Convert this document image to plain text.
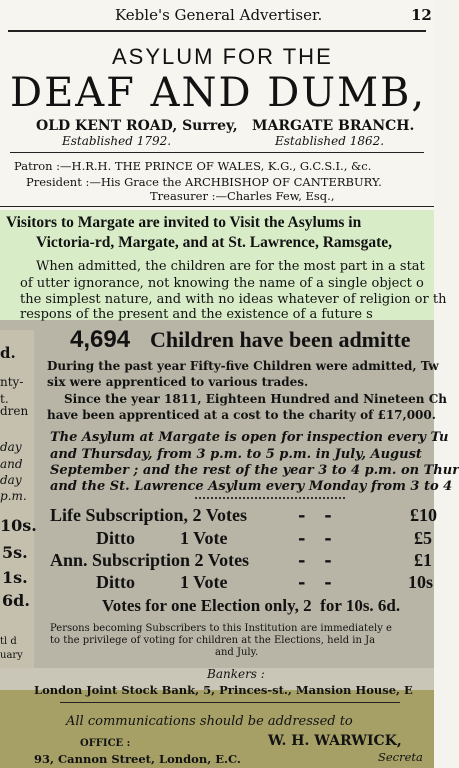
Keble's General Advertiser.	12
ASYLUM FOR THE
DEAF AND DUMB,
OLD KENT ROAD, Surrey,
Established 1792.
MARGATE BRANCH.
Established 1862.
Patron :—H.R.H. THE PRINCE OF WALES, K.G., G.C.S.I., &c.
President :—His Grace the ARCHBISHOP OF CANTERBURY.
Treasurer :—Charles Few, Esq.,
Visitors to Margate are invited to Visit the Asylums in
Victoria-rd, Margate, and at St. Lawrence, Ramsgate,
When admitted, the children are for the most part in a stat
of utter ignorance, not knowing the name of a single object o
the simplest nature, and with no ideas whatever of religion or th
respons of the present and the existence of a future s
d.
nty-
t.
dren
day
and
day
p.m.
10s.
5s.
1s.
6d.
tl d
uary
4,694 Children have been admitte
During the past year Fifty-five Children were admitted, Tw
six were apprenticed to various trades.
Since the year 1811, Eighteen Hundred and Nineteen Ch
have been apprenticed at a cost to the charity of £17,000.
The Asylum at Margate is open for inspection every Tu
and Thursday, from 3 p.m. to 5 p.m. in July, August
September ; and the rest of the year 3 to 4 p.m. on Thur
and the St. Lawrence Asylum every Monday from 3 to 4
Life Subscription, 2 Votes	-   -	£10
Ditto          1 Vote	-   -	£5
Ann. Subscription 2 Votes	-   -	£1
Ditto          1 Vote	-   -	10s
Votes for one Election only, 2  for 10s. 6d.
Persons becoming Subscribers to this Institution are immediately e
to the privilege of voting for children at the Elections, held in Ja
and July.
Bankers :
London Joint Stock Bank, 5, Princes-st., Mansion House, E
All communications should be addressed to
OFFICE :
93, Cannon Street, London, E.C.
W. H. WARWICK,
Secreta
